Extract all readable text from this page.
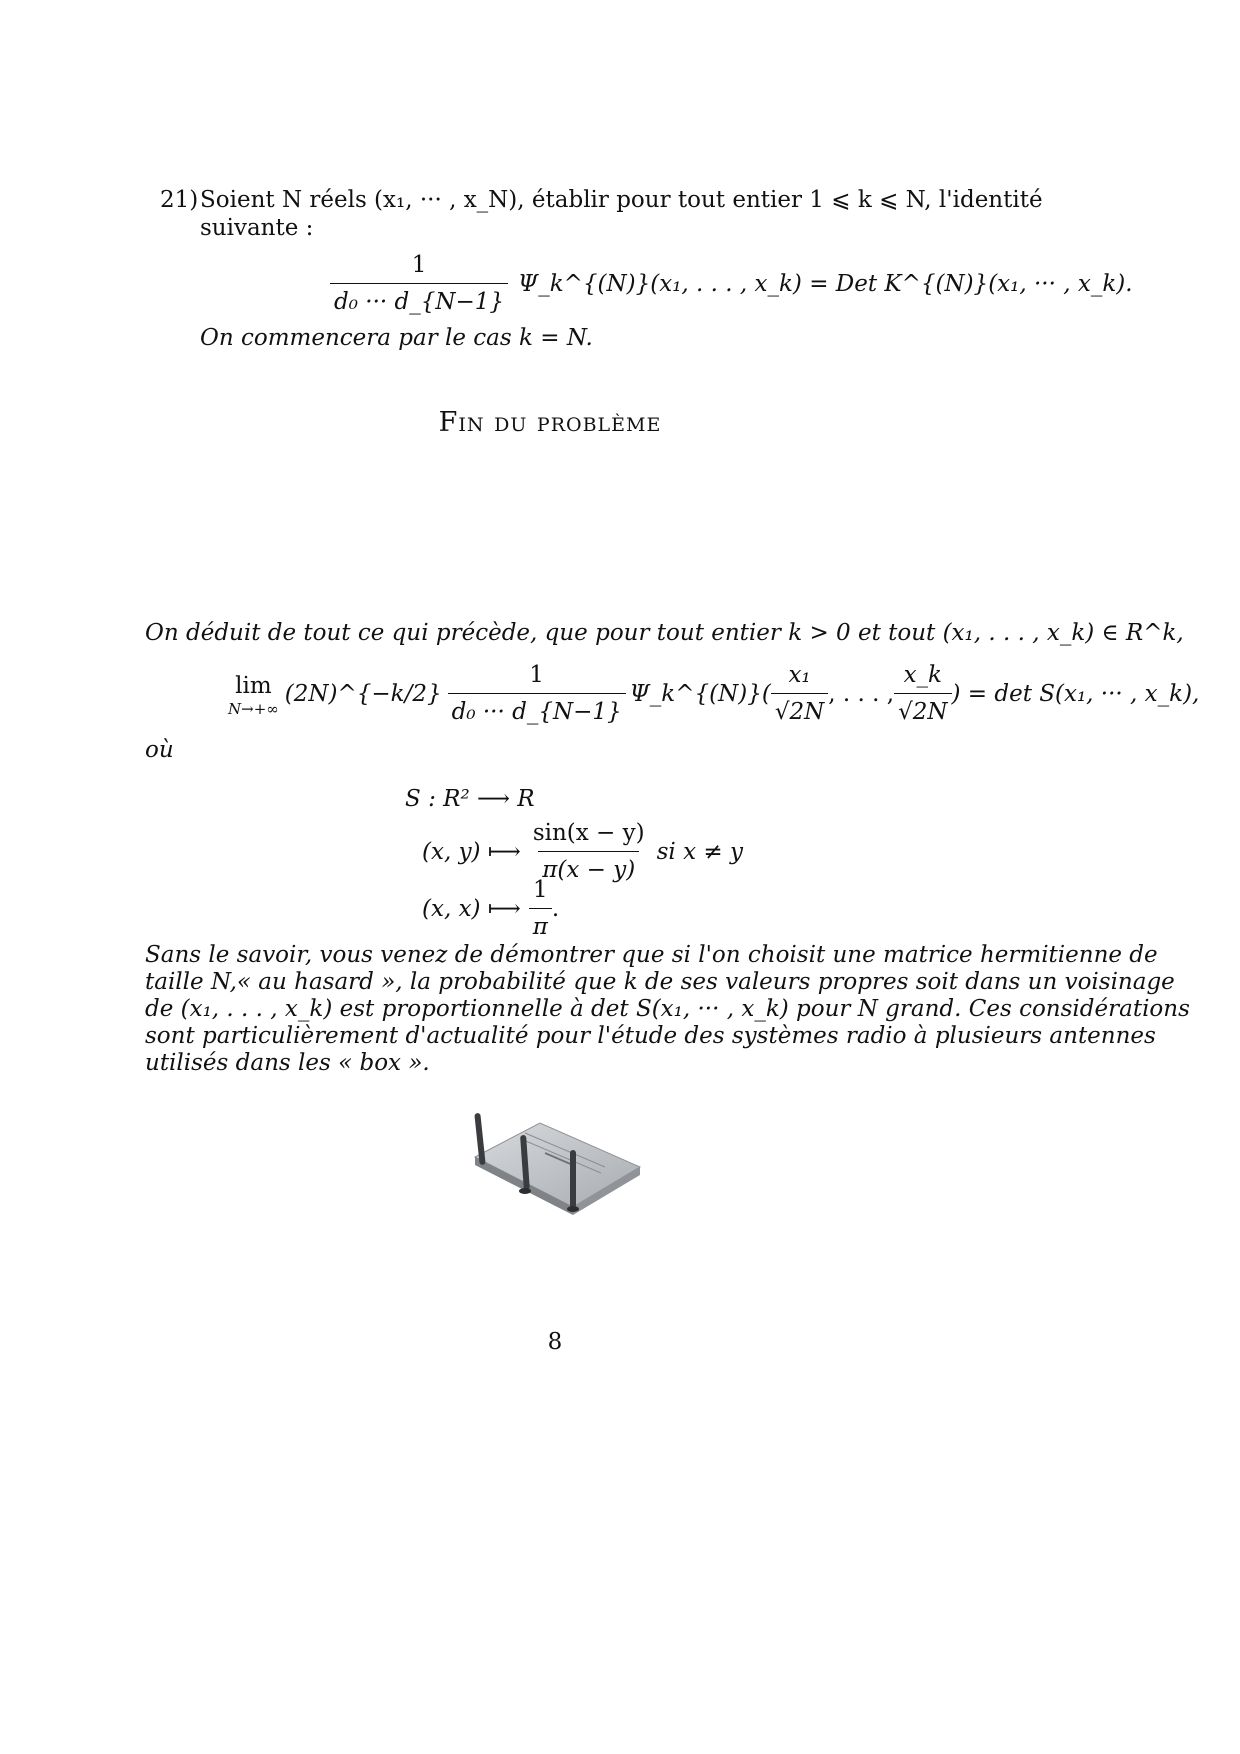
21) Soient N réels (x₁, ··· , x_N), établir pour tout entier 1 ⩽ k ⩽ N, l'identité
suivante :
$\frac{1}{\text{d₀ ··· d\_\{N−1\}}}$ Ψ_k^{(N)}(x₁, . . . , x_k) = Det K^{(N)}(x₁, ··· , x_k).
On commencera par le cas k = N.
Fin du problème
On déduit de tout ce qui précède, que pour tout entier k > 0 et tout (x₁, . . . , x_k) ∈ R^k,
lim
N→+∞
(2N)^{−k/2} $\frac{1}{\text{d₀ ··· d\_\{N−1\}}}$ Ψ_k^{(N)}( $\frac{\text{x₁}}{√2N}$ , . . . , $\frac{x\_k}{√2N}$ ) = det S(x₁, ··· , x_k),
où
S : R² ⟶ R
(x, y) ⟼ $\frac{\sin(x - y)}{\pi(x - y)}$ si x ≠ y
(x, x) ⟼ $\frac{1}{\pi}$ .
Sans le savoir, vous venez de démontrer que si l'on choisit une matrice hermitienne de
taille N,« au hasard », la probabilité que k de ses valeurs propres soit dans un voisinage
de (x₁, . . . , x_k) est proportionnelle à det S(x₁, ··· , x_k) pour N grand. Ces considérations
sont particulièrement d'actualité pour l'étude des systèmes radio à plusieurs antennes
utilisés dans les « box ».
8
